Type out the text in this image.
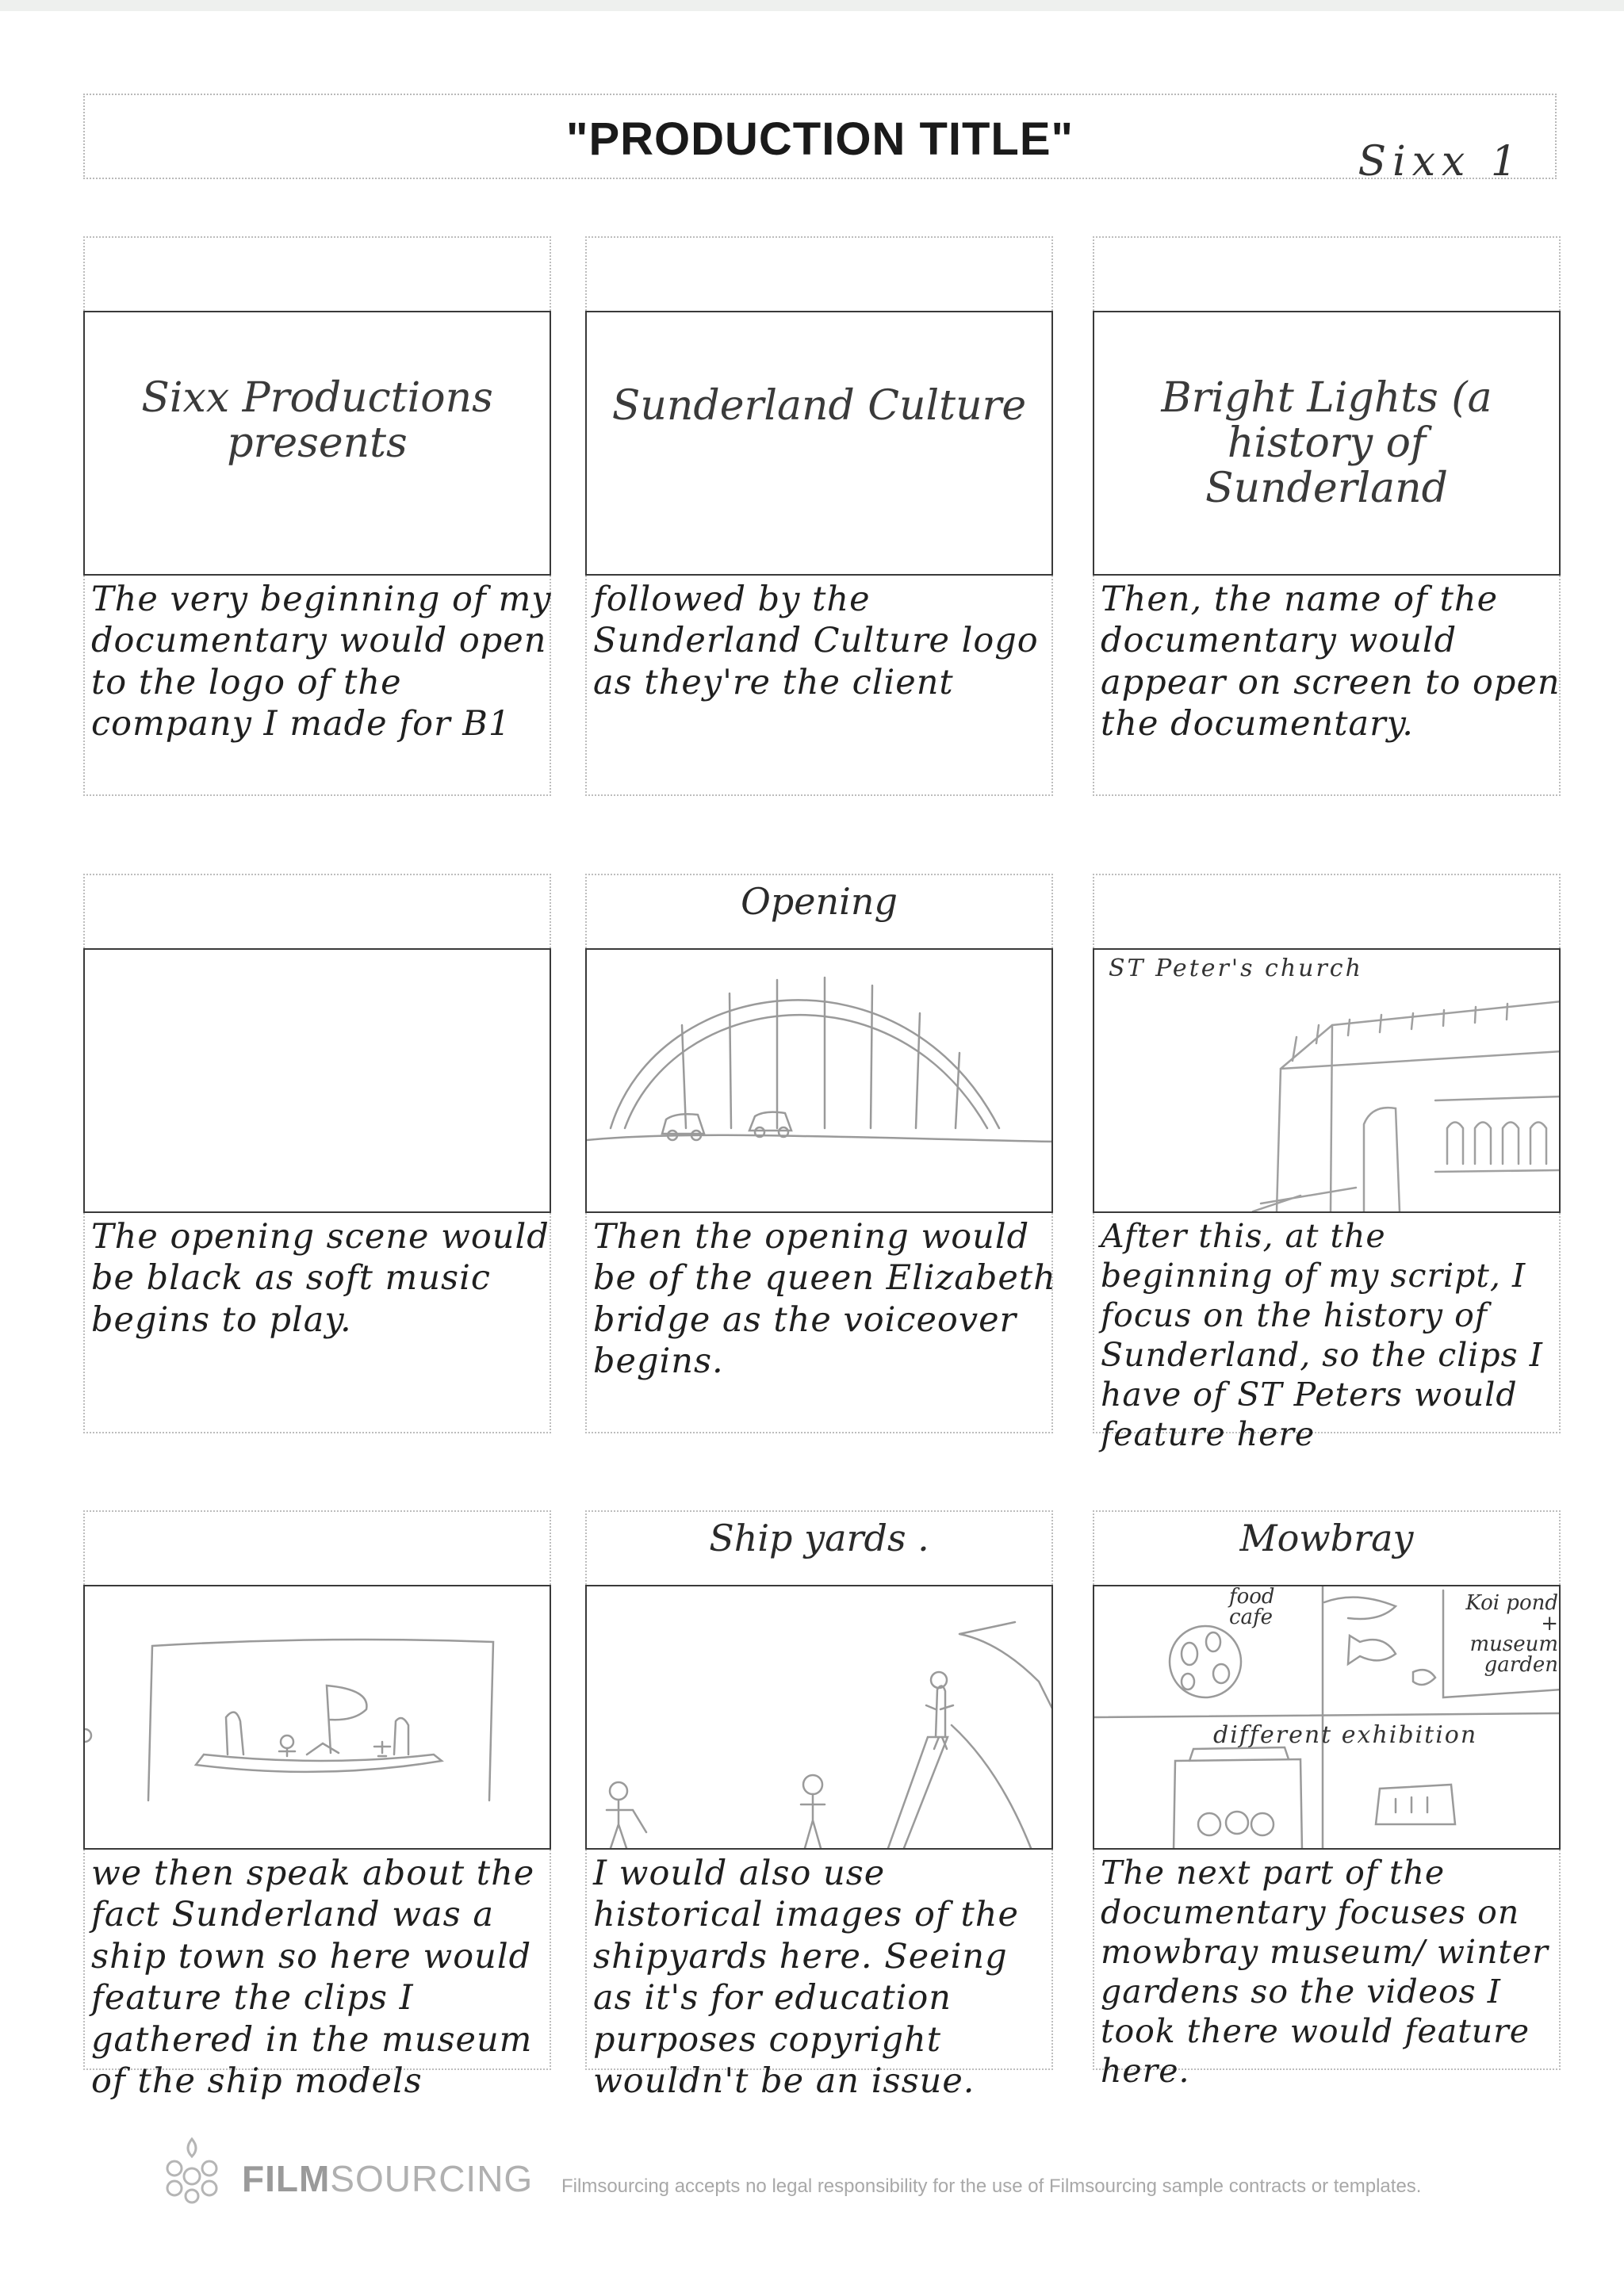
"PRODUCTION TITLE"	Sixx 1
Sixx Productions presents
The very beginning of my documentary would open to the logo of the company I made for B1
Sunderland Culture
followed by the Sunderland Culture logo as they're the client
Bright Lights (a history of Sunderland
Then, the name of the documentary would appear on screen to open the documentary.
The opening scene would be black as soft music begins to play.
Opening
Then the opening would be of the queen Elizabeth bridge as the voiceover begins.
ST Peter's church
After this, at the beginning of my script, I focus on the history of Sunderland, so the clips I have of ST Peters would feature here
we then speak about the fact Sunderland was a ship town so here would feature the clips I gathered in the museum of the ship models
Ship yards .
I would also use historical images of the shipyards here. Seeing as it's for education purposes copyright wouldn't be an issue.
Mowbray
food cafe
Koi pond + museum garden
different exhibition
The next part of the documentary focuses on mowbray museum/ winter gardens so the videos I took there would feature here.
FILMSOURCING Filmsourcing accepts no legal responsibility for the use of Filmsourcing sample contracts or templates.
